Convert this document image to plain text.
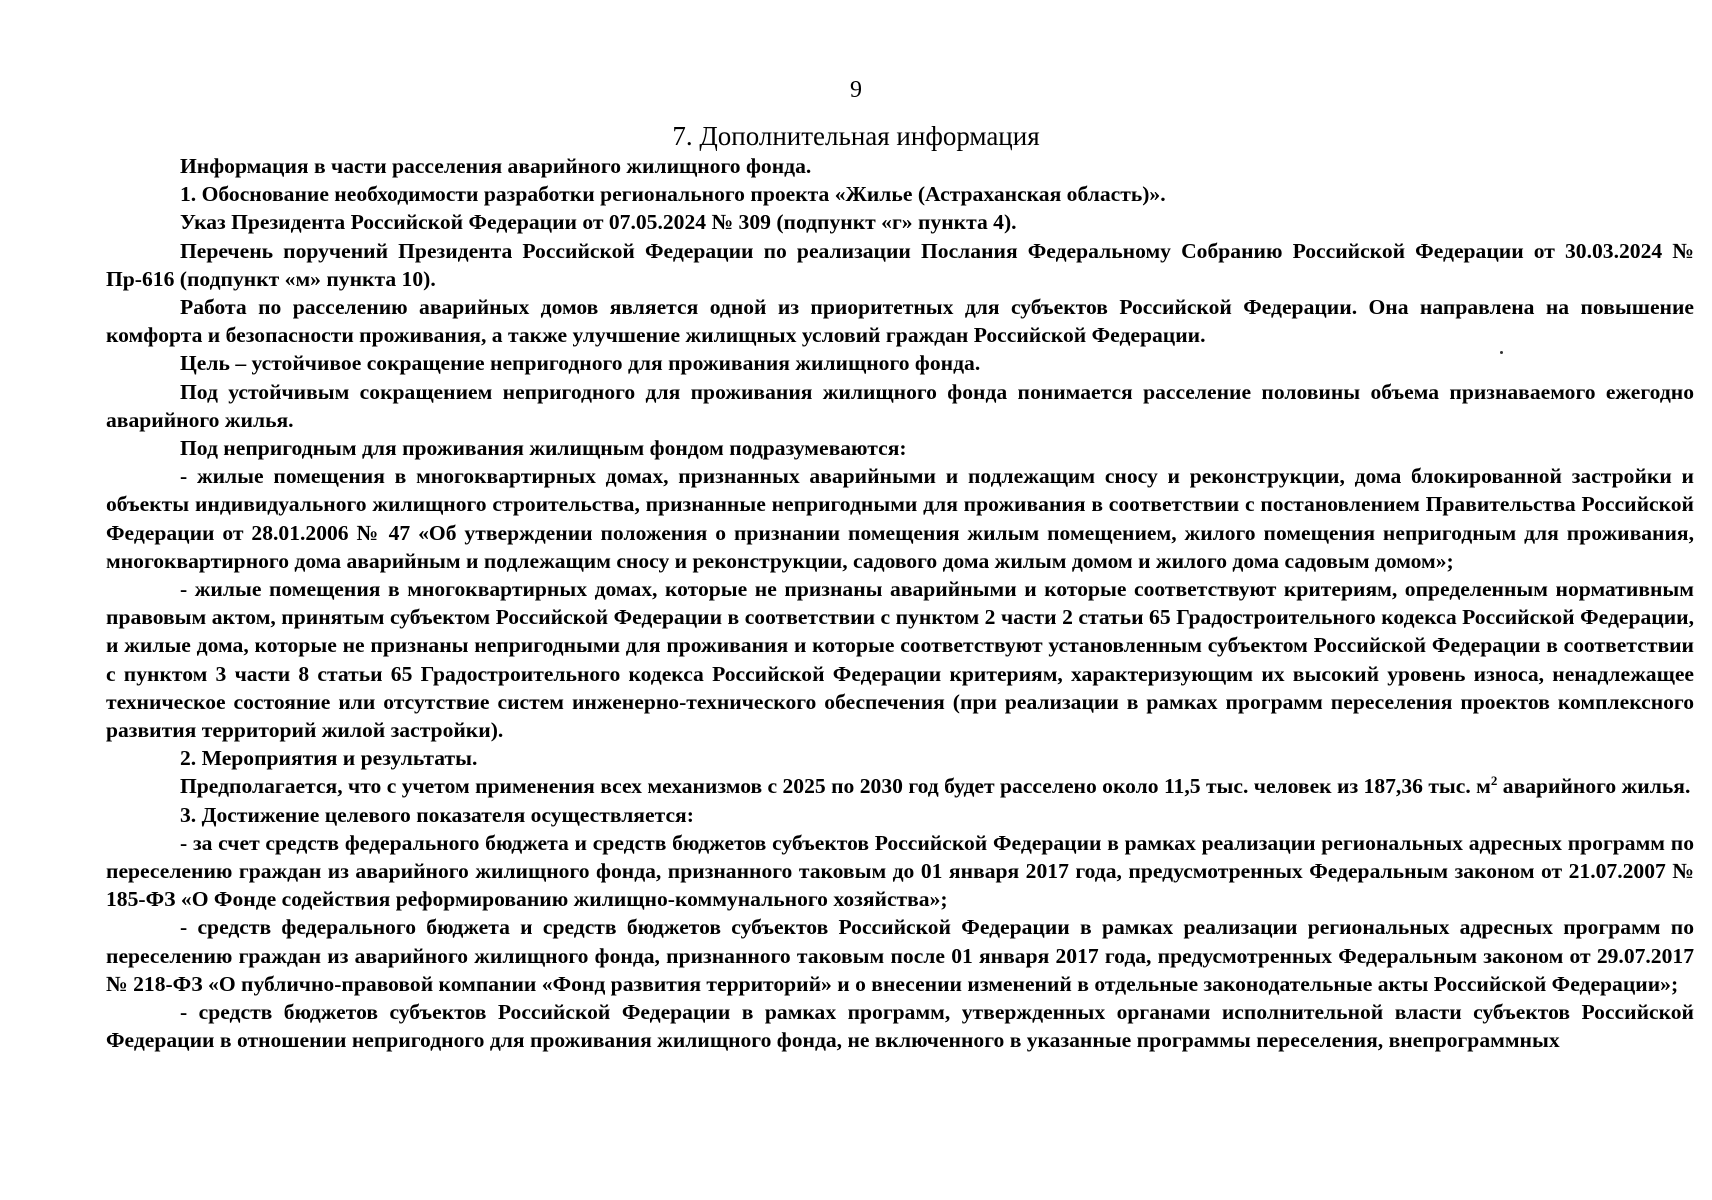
9
7. Дополнительная информация

Информация в части расселения аварийного жилищного фонда.

1. Обоснование необходимости разработки регионального проекта «Жилье (Астраханская область)».

Указ Президента Российской Федерации от 07.05.2024 № 309 (подпункт «г» пункта 4).

Перечень поручений Президента Российской Федерации по реализации Послания Федеральному Собранию Российской Федерации от 30.03.2024 № Пр-616 (подпункт «м» пункта 10).

Работа по расселению аварийных домов является одной из приоритетных для субъектов Российской Федерации. Она направлена на повышение комфорта и безопасности проживания, а также улучшение жилищных условий граждан Российской Федерации.

Цель – устойчивое сокращение непригодного для проживания жилищного фонда.

Под устойчивым сокращением непригодного для проживания жилищного фонда понимается расселение половины объема признаваемого ежегодно аварийного жилья.

Под непригодным для проживания жилищным фондом подразумеваются:

- жилые помещения в многоквартирных домах, признанных аварийными и подлежащим сносу и реконструкции, дома блокированной застройки и объекты индивидуального жилищного строительства, признанные непригодными для проживания в соответствии с постановлением Правительства Российской Федерации от 28.01.2006 № 47 «Об утверждении положения о признании помещения жилым помещением, жилого помещения непригодным для проживания, многоквартирного дома аварийным и подлежащим сносу и реконструкции, садового дома жилым домом и жилого дома садовым домом»;

- жилые помещения в многоквартирных домах, которые не признаны аварийными и которые соответствуют критериям, определенным нормативным правовым актом, принятым субъектом Российской Федерации в соответствии с пунктом 2 части 2 статьи 65 Градостроительного кодекса Российской Федерации, и жилые дома, которые не признаны непригодными для проживания и которые соответствуют установленным субъектом Российской Федерации в соответствии с пунктом 3 части 8 статьи 65 Градостроительного кодекса Российской Федерации критериям, характеризующим их высокий уровень износа, ненадлежащее техническое состояние или отсутствие систем инженерно-технического обеспечения (при реализации в рамках программ переселения проектов комплексного развития территорий жилой застройки).

2. Мероприятия и результаты.

Предполагается, что с учетом применения всех механизмов с 2025 по 2030 год будет расселено около 11,5 тыс. человек из 187,36 тыс. $м^2$ аварийного жилья.

3. Достижение целевого показателя осуществляется:

- за счет средств федерального бюджета и средств бюджетов субъектов Российской Федерации в рамках реализации региональных адресных программ по переселению граждан из аварийного жилищного фонда, признанного таковым до 01 января 2017 года, предусмотренных Федеральным законом от 21.07.2007 № 185-ФЗ «О Фонде содействия реформированию жилищно-коммунального хозяйства»;

- средств федерального бюджета и средств бюджетов субъектов Российской Федерации в рамках реализации региональных адресных программ по переселению граждан из аварийного жилищного фонда, признанного таковым после 01 января 2017 года, предусмотренных Федеральным законом от 29.07.2017 № 218-ФЗ «О публично-правовой компании «Фонд развития территорий» и о внесении изменений в отдельные законодательные акты Российской Федерации»;

- средств бюджетов субъектов Российской Федерации в рамках программ, утвержденных органами исполнительной власти субъектов Российской Федерации в отношении непригодного для проживания жилищного фонда, не включенного в указанные программы переселения, внепрограммных
